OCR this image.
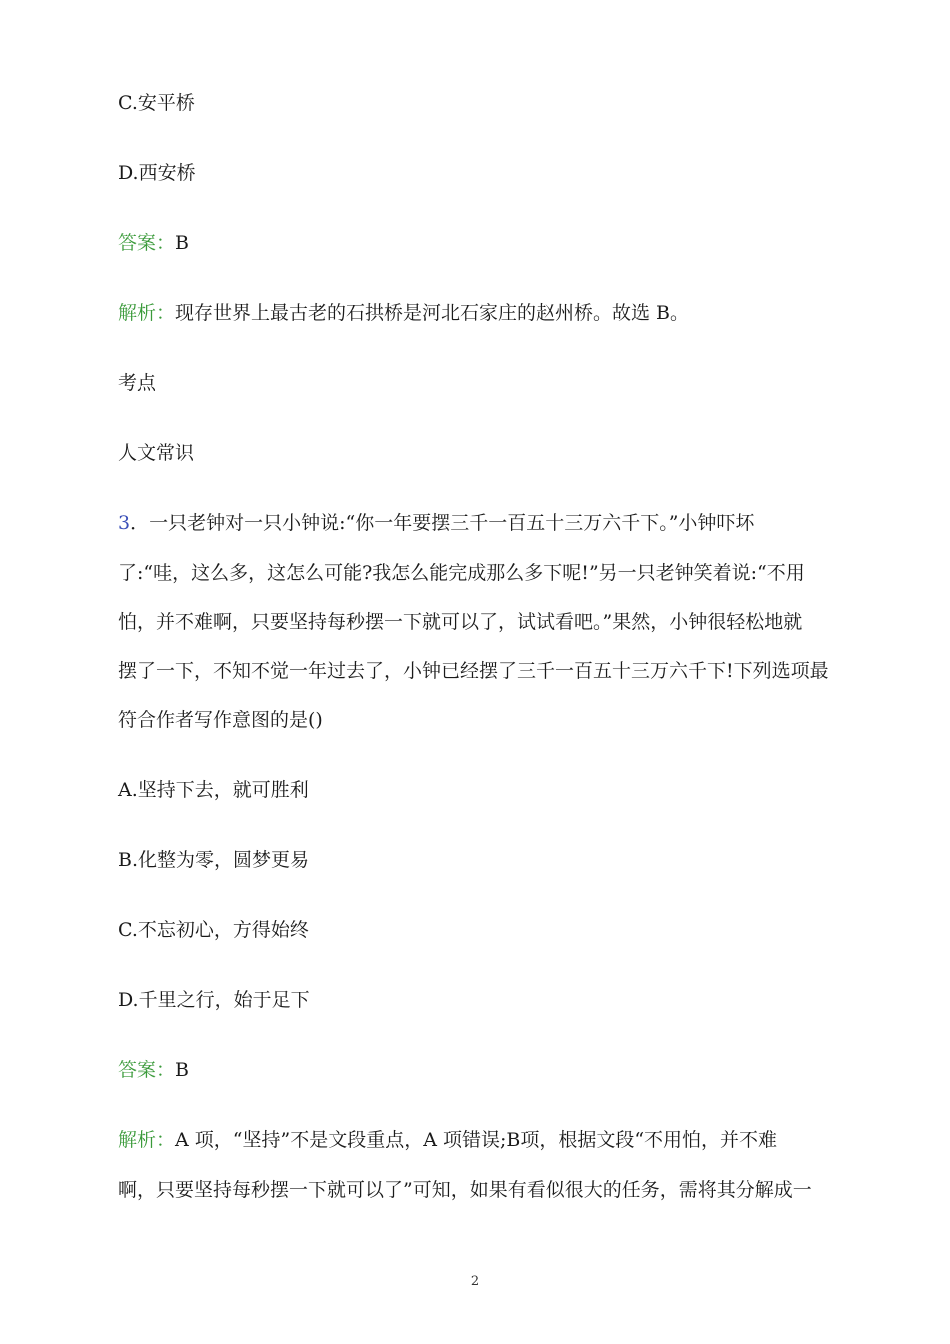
C.安平桥
D.西安桥
答案：B
解析：现存世界上最古老的石拱桥是河北石家庄的赵州桥。故选 B。
考点
人文常识
3．一只老钟对一只小钟说:“你一年要摆三千一百五十三万六千下。”小钟吓坏
了:“哇，这么多，这怎么可能?我怎么能完成那么多下呢!”另一只老钟笑着说:“不用
怕，并不难啊，只要坚持每秒摆一下就可以了，试试看吧。”果然，小钟很轻松地就
摆了一下，不知不觉一年过去了，小钟已经摆了三千一百五十三万六千下!下列选项最
符合作者写作意图的是()
A.坚持下去，就可胜利
B.化整为零，圆梦更易
C.不忘初心，方得始终
D.千里之行，始于足下
答案：B
解析：A 项，“坚持”不是文段重点，A 项错误;B项，根据文段“不用怕，并不难
啊，只要坚持每秒摆一下就可以了”可知，如果有看似很大的任务，需将其分解成一
2
